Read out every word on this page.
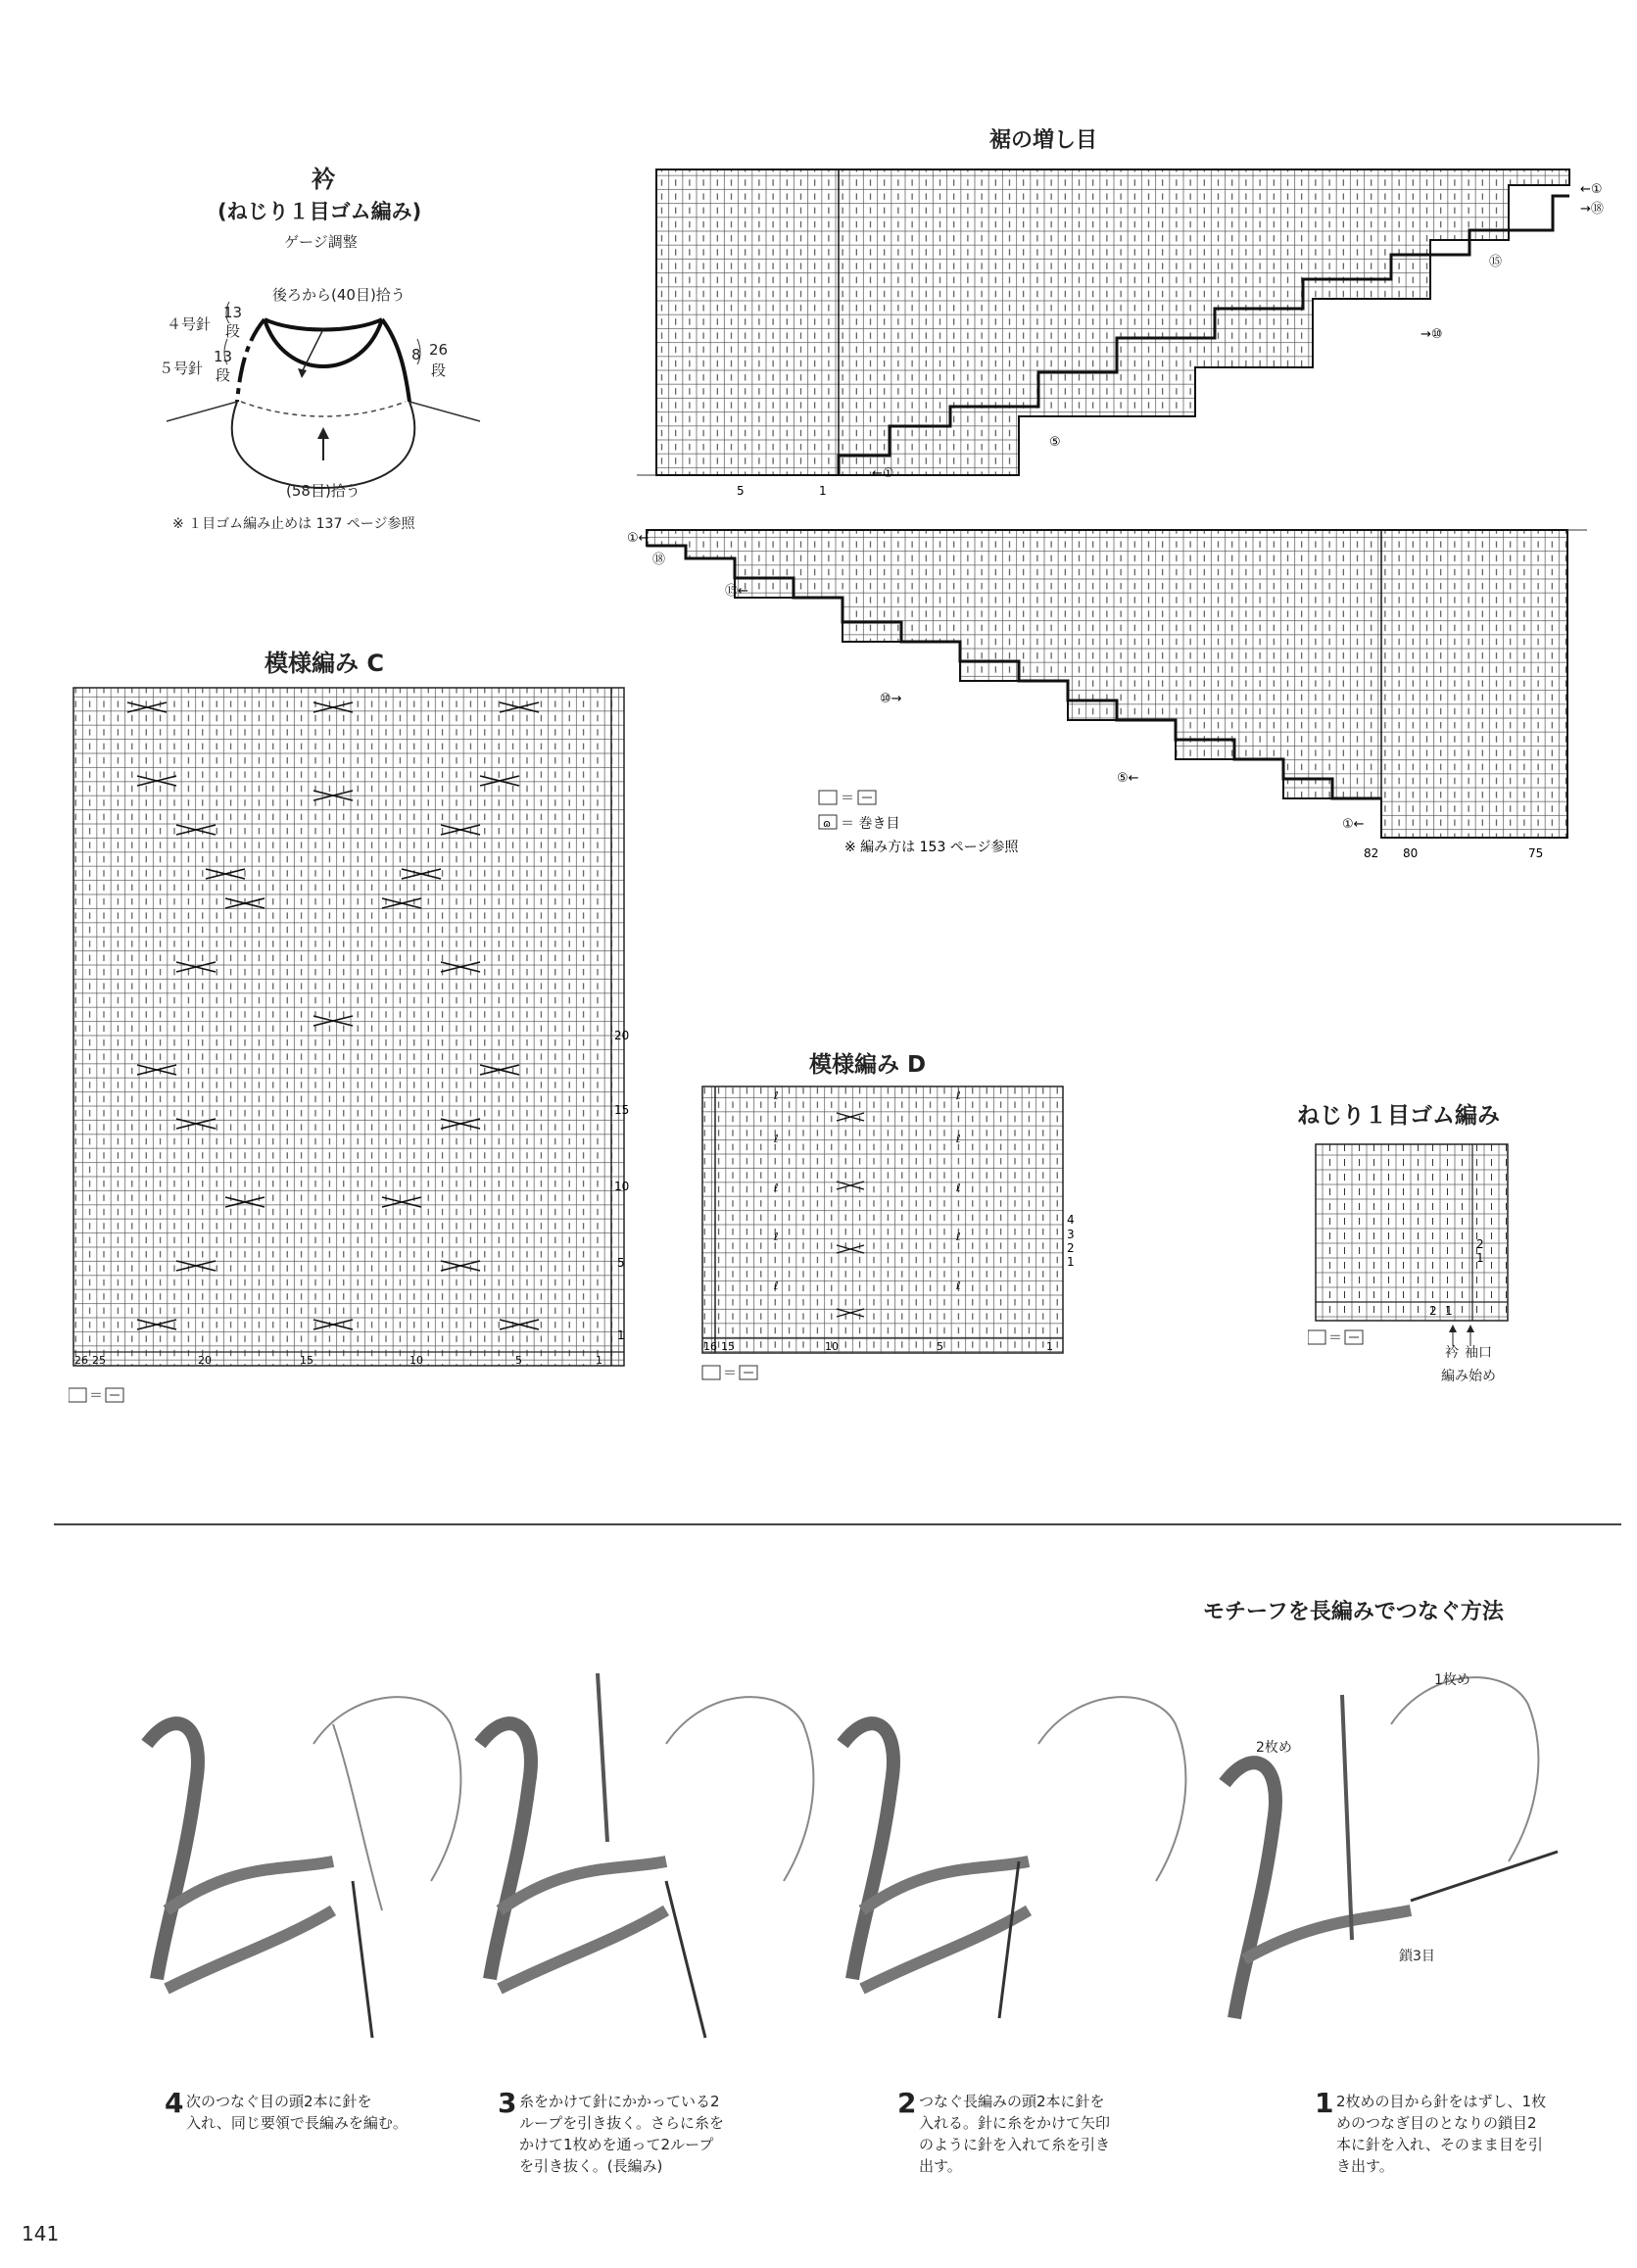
衿
(ねじり１目ゴム編み)
ゲージ調整
後ろから(40目)拾う
４号針
13
段
５号針
13
段
8 26
段
(58目)拾う
※ １目ゴム編み止めは 137 ページ参照
裾の増し目
5	1
←①
←①
→⑱
⑮
→⑩
⑤
①←
⑱
⑮←
⑩→
⑤←
①←
82 80	75
＝
ɷ ＝ 巻き目
※ 編み方は 153 ページ参照
模様編み C
20
15
10
5
1
26 25	20	15	10	5	1
＝
模様編み D
ℓ
ℓ
ℓ
ℓ
ℓ
ℓ
ℓ
ℓ
ℓ
ℓ
4
3
2
1
16 15	10	5	1
＝
ねじり１目ゴム編み
2
1
2 1
＝
衿 袖口
編み始め
モチーフを長編みでつなぐ方法
1枚め
2枚め
鎖3目
4 次のつなぐ目の頭2本に針を
入れ、同じ要領で長編みを編む。
3 糸をかけて針にかかっている2
ループを引き抜く。さらに糸を
かけて1枚めを通って2ループ
を引き抜く。(長編み)
2 つなぐ長編みの頭2本に針を
入れる。針に糸をかけて矢印
のように針を入れて糸を引き
出す。
1 2枚めの目から針をはずし、1枚
めのつなぎ目のとなりの鎖目2
本に針を入れ、そのまま目を引
き出す。
141
